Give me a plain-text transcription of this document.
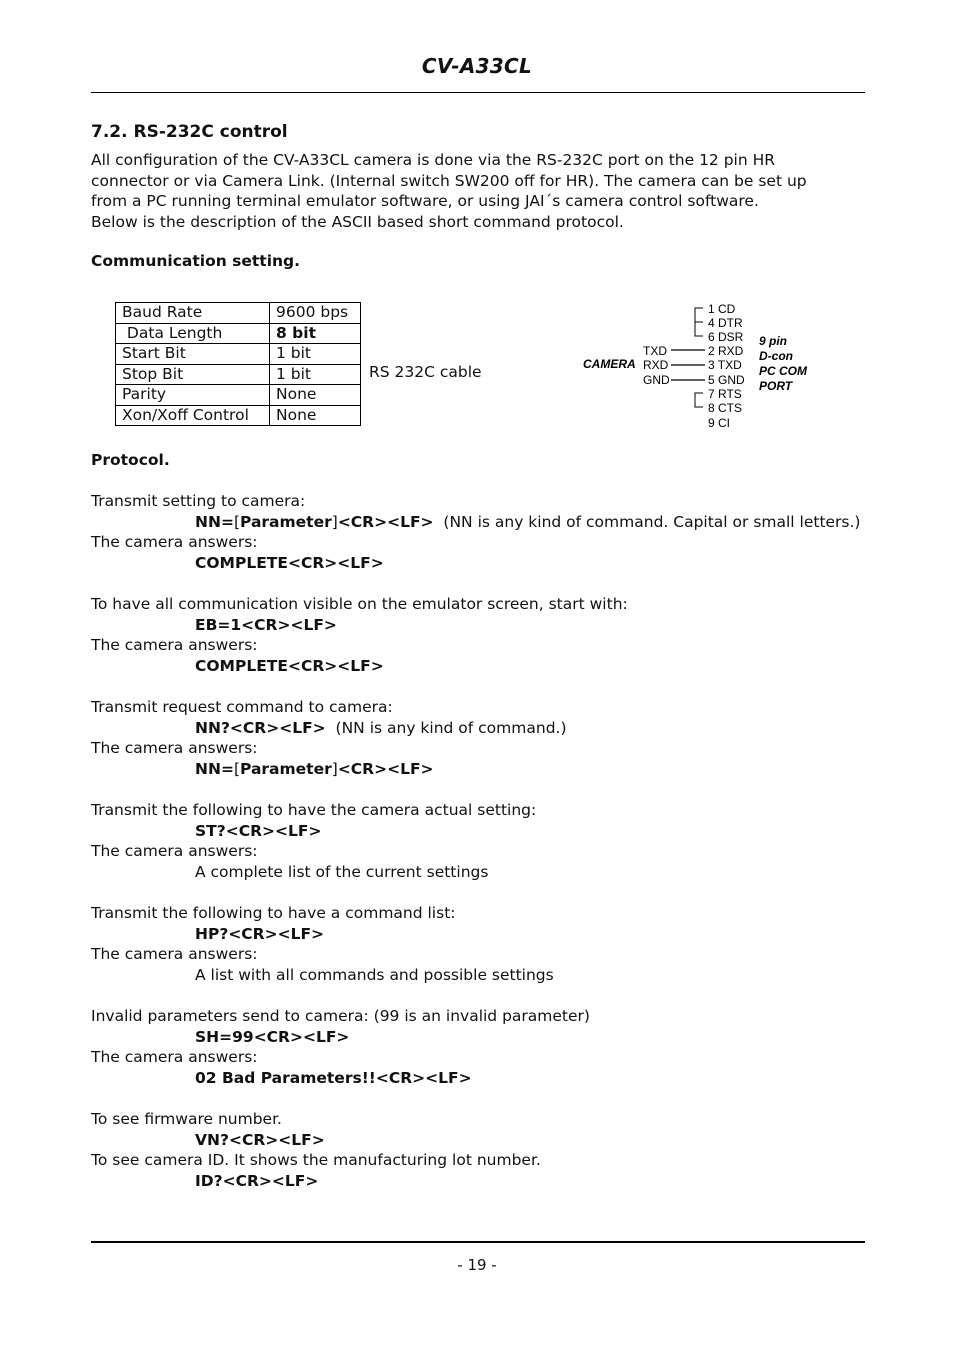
CV-A33CL
7.2. RS-232C control
All configuration of the CV-A33CL camera is done via the RS-232C port on the 12 pin HR
connector or via Camera Link. (Internal switch SW200 off for HR). The camera can be set up
from a PC running terminal emulator software, or using JAI´s camera control software.
Below is the description of the ASCII based short command protocol.
Communication setting.
Baud Rate	9600 bps
Data Length	8 bit
Start Bit	1 bit
Stop Bit	1 bit
Parity	None
Xon/Xoff Control	None
RS 232C cable	CAMERA
TXD
RXD
GND
1 CD
4 DTR
6 DSR
2 RXD
3 TXD
5 GND
7 RTS
8 CTS
9 CI
9 pin
D-con
PC COM
PORT
Protocol.
Transmit setting to camera:
NN=[Parameter]<CR><LF> (NN is any kind of command. Capital or small letters.)
The camera answers:
COMPLETE<CR><LF>
To have all communication visible on the emulator screen, start with:
EB=1<CR><LF>
The camera answers:
COMPLETE<CR><LF>
Transmit request command to camera:
NN?<CR><LF> (NN is any kind of command.)
The camera answers:
NN=[Parameter]<CR><LF>
Transmit the following to have the camera actual setting:
ST?<CR><LF>
The camera answers:
A complete list of the current settings
Transmit the following to have a command list:
HP?<CR><LF>
The camera answers:
A list with all commands and possible settings
Invalid parameters send to camera: (99 is an invalid parameter)
SH=99<CR><LF>
The camera answers:
02 Bad Parameters!!<CR><LF>
To see firmware number.
VN?<CR><LF>
To see camera ID. It shows the manufacturing lot number.
ID?<CR><LF>
- 19 -
